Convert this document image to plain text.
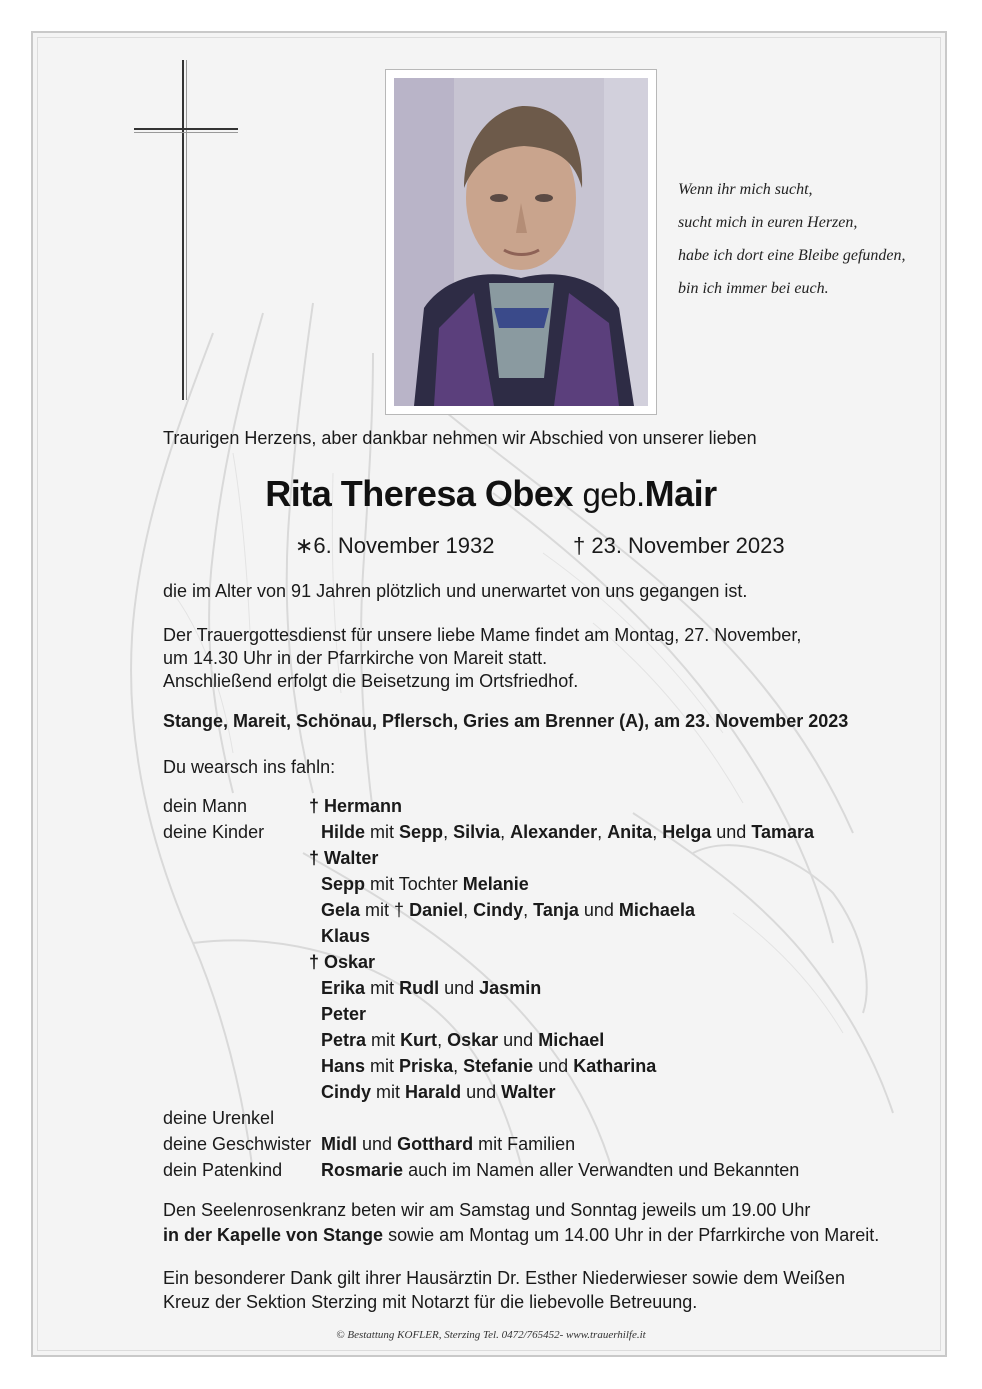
Wenn ihr mich sucht,
sucht mich in euren Herzen,
habe ich dort eine Bleibe gefunden,
bin ich immer bei euch.
Traurigen Herzens, aber dankbar nehmen wir Abschied von unserer lieben
Rita Theresa Obex geb.Mair
∗6. November 1932	† 23. November 2023
die im Alter von 91 Jahren plötzlich und unerwartet von uns gegangen ist.
Der Trauergottesdienst für unsere liebe Mame findet am Montag, 27. November,
um 14.30 Uhr in der Pfarrkirche von Mareit statt.
Anschließend erfolgt die Beisetzung im Ortsfriedhof.
Stange, Mareit, Schönau, Pflersch, Gries am Brenner (A), am 23. November 2023
Du wearsch ins fahln:
dein Mann	† Hermann
deine Kinder	Hilde mit Sepp, Silvia, Alexander, Anita, Helga und Tamara
† Walter
Sepp mit Tochter Melanie
Gela mit † Daniel, Cindy, Tanja und Michaela
Klaus
† Oskar
Erika mit Rudl und Jasmin
Peter
Petra mit Kurt, Oskar und Michael
Hans mit Priska, Stefanie und Katharina
Cindy mit Harald und Walter
deine Urenkel
deine Geschwister Midl und Gotthard mit Familien
dein Patenkind Rosmarie auch im Namen aller Verwandten und Bekannten
Den Seelenrosenkranz beten wir am Samstag und Sonntag jeweils um 19.00 Uhr
in der Kapelle von Stange sowie am Montag um 14.00 Uhr in der Pfarrkirche von Mareit.
Ein besonderer Dank gilt ihrer Hausärztin Dr. Esther Niederwieser sowie dem Weißen
Kreuz der Sektion Sterzing mit Notarzt für die liebevolle Betreuung.
© Bestattung KOFLER, Sterzing Tel. 0472/765452- www.trauerhilfe.it
